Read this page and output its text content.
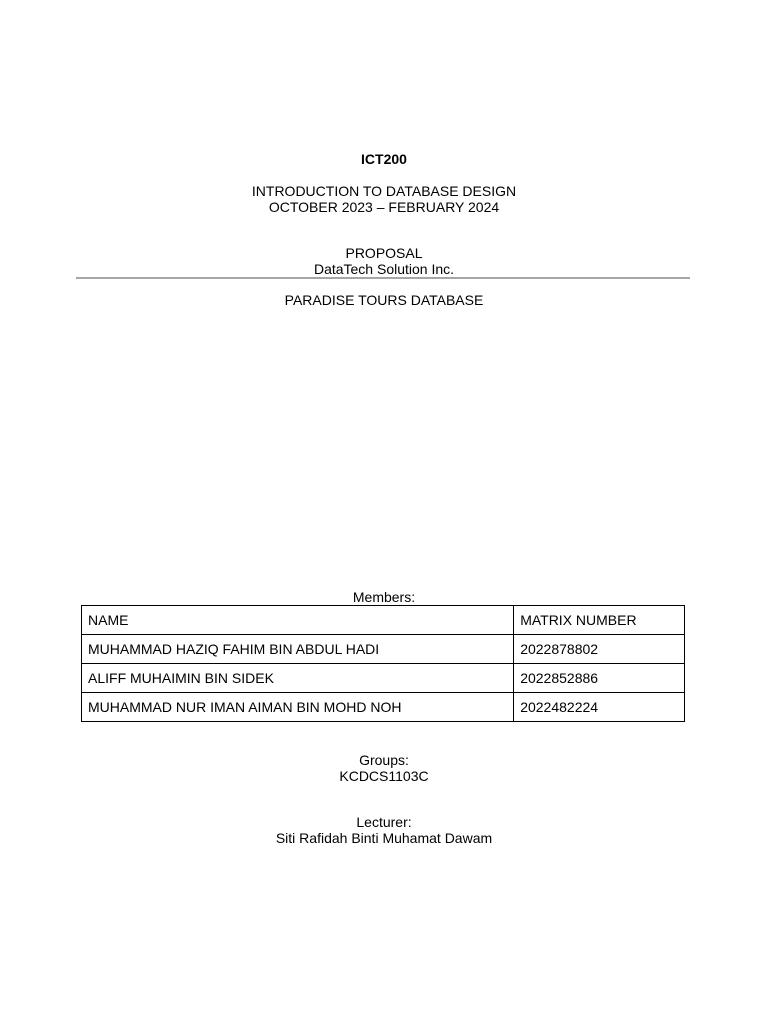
ICT200
INTRODUCTION TO DATABASE DESIGN
OCTOBER 2023 – FEBRUARY 2024
PROPOSAL
DataTech Solution Inc.
PARADISE TOURS DATABASE
Members:
NAME	MATRIX NUMBER
MUHAMMAD HAZIQ FAHIM BIN ABDUL HADI	2022878802
ALIFF MUHAIMIN BIN SIDEK	2022852886
MUHAMMAD NUR IMAN AIMAN BIN MOHD NOH	2022482224
Groups:
KCDCS1103C
Lecturer:
Siti Rafidah Binti Muhamat Dawam
